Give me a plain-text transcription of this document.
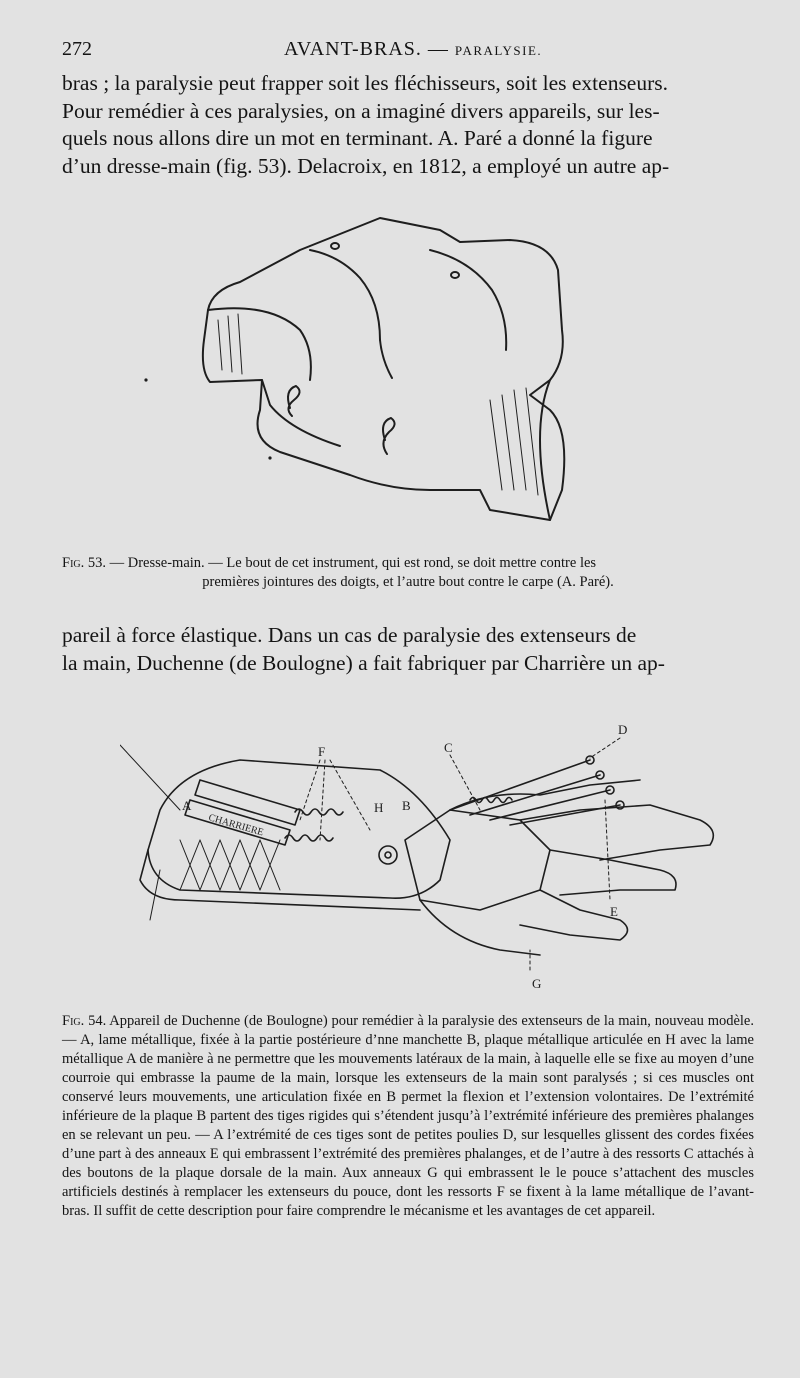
272	AVANT-BRAS. — PARALYSIE.

bras ; la paralysie peut frapper soit les fléchisseurs, soit les extenseurs.

Pour remédier à ces paralysies, on a imaginé divers appareils, sur les-

quels nous allons dire un mot en terminant. A. Paré a donné la figure

d’un dresse-main (fig. 53). Delacroix, en 1812, a employé un autre ap-

Fig. 53. — Dresse-main. — Le bout de cet instrument, qui est rond, se doit mettre contre les
premières jointures des doigts, et l’autre bout contre le carpe (A. Paré).

pareil à force élastique. Dans un cas de paralysie des extenseurs de

la main, Duchenne (de Boulogne) a fait fabriquer par Charrière un ap-

A	B
C
D
E
F
G
H
CHARRIERE
Fig. 54. Appareil de Duchenne (de Boulogne) pour remédier à la paralysie des extenseurs de la main, nouveau modèle. — A, lame métallique, fixée à la partie postérieure d’nne manchette B, plaque métallique articulée en H avec la lame métallique A de manière à ne permettre que les mouvements latéraux de la main, à laquelle elle se fixe au moyen d’une courroie qui embrasse la paume de la main, lorsque les extenseurs de la main sont paralysés ; si ces muscles ont conservé leurs mouvements, une articulation fixée en B permet la flexion et l’extension volontaires. De l’extrémité inférieure de la plaque B partent des tiges rigides qui s’étendent jusqu’à l’extrémité inférieure des premières phalanges en se relevant un peu. — A l’extrémité de ces tiges sont de petites poulies D, sur lesquelles glissent des cordes fixées d’une part à des anneaux E qui embrassent l’extrémité des premières phalanges, et de l’autre à des ressorts C attachés à des boutons de la plaque dorsale de la main. Aux anneaux G qui embrassent le le pouce s’attachent des muscles artificiels destinés à remplacer les extenseurs du pouce, dont les ressorts F se fixent à la lame métallique de l’avant-bras. Il suffit de cette description pour faire comprendre le mécanisme et les avantages de cet appareil.
